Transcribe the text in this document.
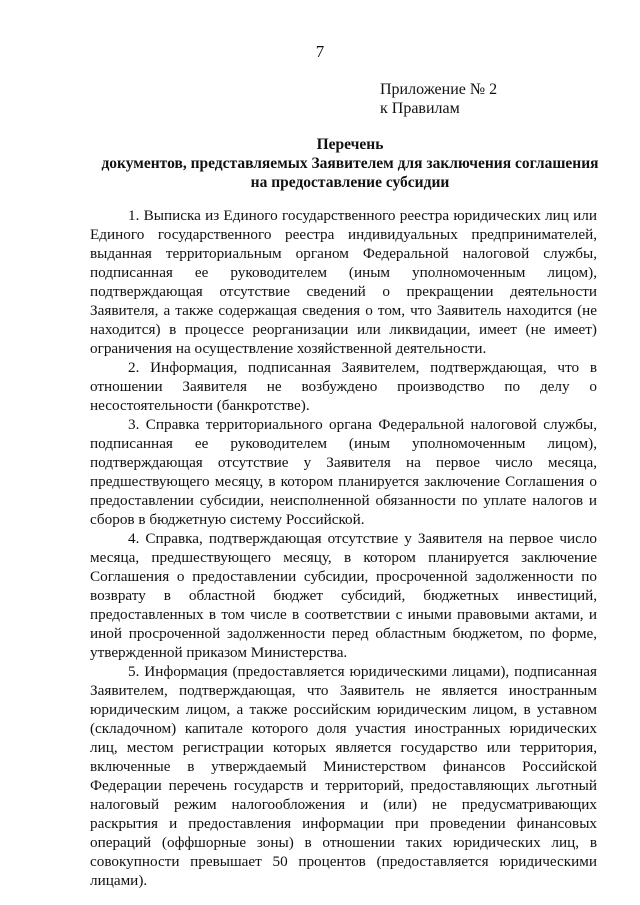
7
Приложение № 2
к Правилам
Перечень
документов, представляемых Заявителем для заключения соглашения
на предоставление субсидии

1. Выписка из Единого государственного реестра юридических лиц или Единого государственного реестра индивидуальных предпринимателей, выданная территориальным органом Федеральной налоговой службы, подписанная ее руководителем (иным уполномоченным лицом), подтверждающая отсутствие сведений о прекращении деятельности Заявителя, а также содержащая сведения о том, что Заявитель находится (не находится) в процессе реорганизации или ликвидации, имеет (не имеет) ограничения на осуществление хозяйственной деятельности.

2. Информация, подписанная Заявителем, подтверждающая, что в отношении Заявителя не возбуждено производство по делу о несостоятельности (банкротстве).

3. Справка территориального органа Федеральной налоговой службы, подписанная ее руководителем (иным уполномоченным лицом), подтверждающая отсутствие у Заявителя на первое число месяца, предшествующего месяцу, в котором планируется заключение Соглашения о предоставлении субсидии, неисполненной обязанности по уплате налогов и сборов в бюджетную систему Российской.

4. Справка, подтверждающая отсутствие у Заявителя на первое число месяца, предшествующего месяцу, в котором планируется заключение Соглашения о предоставлении субсидии, просроченной задолженности по возврату в областной бюджет субсидий, бюджетных инвестиций, предоставленных в том числе в соответствии с иными правовыми актами, и иной просроченной задолженности перед областным бюджетом, по форме, утвержденной приказом Министерства.

5. Информация (предоставляется юридическими лицами), подписанная Заявителем, подтверждающая, что Заявитель не является иностранным юридическим лицом, а также российским юридическим лицом, в уставном (складочном) капитале которого доля участия иностранных юридических лиц, местом регистрации которых является государство или территория, включенные в утверждаемый Министерством финансов Российской Федерации перечень государств и территорий, предоставляющих льготный налоговый режим налогообложения и (или) не предусматривающих раскрытия и предоставления информации при проведении финансовых операций (оффшорные зоны) в отношении таких юридических лиц, в совокупности превышает 50 процентов (предоставляется юридическими лицами).
